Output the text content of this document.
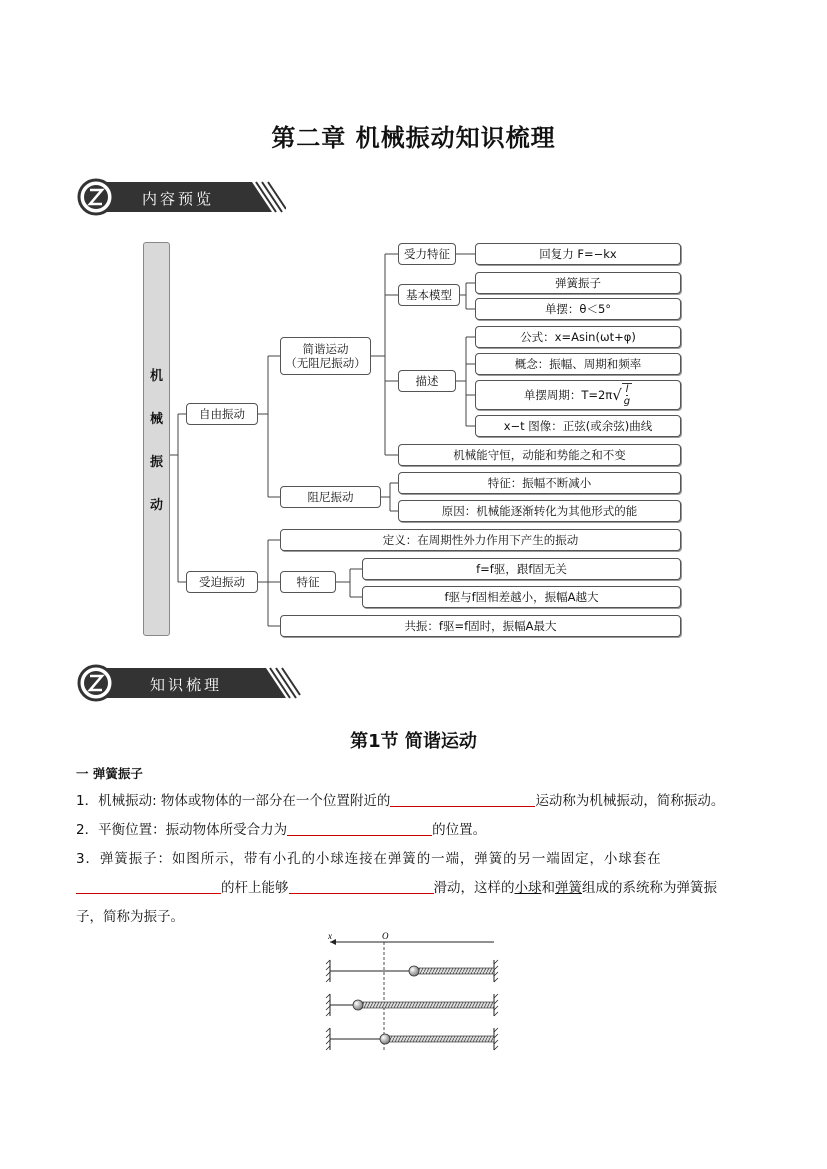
第二章 机械振动知识梳理
内容预览
机
械
振
动
自由振动
受迫振动
简谐运动
（无阻尼振动）
阻尼振动
受力特征
基本模型
描述
机械能守恒，动能和势能之和不变
特征：振幅不断减小
原因：机械能逐渐转化为其他形式的能
回复力 F=−kx
弹簧振子
单摆：θ＜5°
公式：x=Asin(ωt+φ)
概念：振幅、周期和频率
单摆周期：T=2π √ $\frac{l}{g}$
x−t 图像：正弦(或余弦)曲线
定义：在周期性外力作用下产生的振动
特征
f=f驱，跟f固无关
f驱与f固相差越小，振幅A越大
共振：f驱=f固时，振幅A最大
知识梳理
第1节 简谐运动
一 弹簧振子
1．机械振动: 物体或物体的一部分在一个位置附近的	运动称为机械振动，简称振动。
2．平衡位置：振动物体所受合力为	的位置。
3．弹簧振子：如图所示，带有小孔的小球连接在弹簧的一端，弹簧的另一端固定，小球套在
的杆上能够	滑动，这样的小球和弹簧组成的系统称为弹簧振
子，简称为振子。
x	O
